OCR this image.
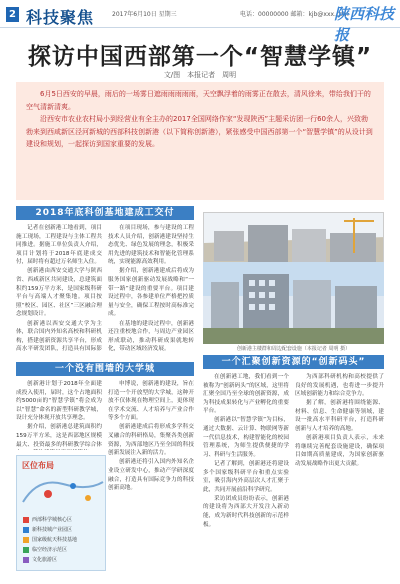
2 科技聚焦	2017年6月10日 星期三	电话：00000000 邮箱：kjb@xxx.com
陕西科技报
探访中国西部第一个“智慧学镇”
文/图　本报记者　周明

6月5日西安的早晨，雨后的一场雾日遮雨雨雨雨雨，天空飘浮着的雨雾正在散去，清风徐来，带给我们干的空气清新清爽。

沿西安市农业农村局小到经营业有全主办的2017全国网络作家“发现陕西”主题采访团一行60余人，兴致勃勃来到西咸新区泾河新城的西部科技创新港（以下简称创新港），紧张感受中国西部第一个“智慧学镇”的从设计到建设和规划，一起探访到国家重要的发展。

2018年底科创基地建成工交付

记者在创新港工地看到，项目施工现场，工程建设与主体工程共同推进。据施工单位负责人介绍，项目计划将于2018年底建成交付，届时将有超过万名师生入住。

创新港由西安交通大学与陕西省、西咸新区共同建设，总建筑面积约159万平方米，是国家级科研平台与高端人才聚集地。项目按照“校区、园区、社区”三区融合理念规划设计。

创新港以西安交通大学为主体，联合国内外知名高校和科研机构，搭建创新资源共享平台，形成高水平研发团队，打造具有国际影

在项目现场，参与建设的工程技术人员介绍，创新港建设坚持生态优先、绿色发展的理念，积极采用先进的建筑技术和智能化管理系统，实现能源高效利用。

据介绍，创新港建成后将成为服务国家创新驱动发展战略和“一带一路”建设的重要平台。项目建设过程中，各参建单位严格把控质量与安全，确保工程按时高标准完成。

在基地的建设过程中，创新港还注重校地合作，与周边产业园区形成联动，推动科研成果就地转化，带动区域经济发展。

一个没有围墙的大学城

创新港计划于2018年全面建成投入使用，届时，这个占地面积约5000亩的“智慧学镇”将会成为以“智慧”命名的新型科研教学城，设计充分体现开放共享理念。

据介绍，创新港总建筑面积约159万平方米，这是西部地区规模最大、投资最多的科研教学综合体

申博说，创新港的建设，旨在打造一个开放型的大学城，这种开放不仅体现在物理空间上，更体现在学术交流、人才培养与产业合作等多个方面。

创新港建成后将形成多学科交叉融合的科研格局，集聚各类创新资源，为西部地区乃至全国的科技创新发展注入新的活力。

创新港还将引入国内外知名企业设立研发中心，推动产学研深度融合，打造具有国际竞争力的科技创新高地。

区位布局
西部科学城核心区
新科技城产业园区
国家级航天科技基地
临空经济示范区
文化旅游区
创新港主楼群和周边配套设施（本报记者 周明 摄）
一个汇聚创新资源的“创新码头”

在创新港工地，我们看到一个被称为“创新码头”的区域，这里将汇聚全国乃至全球的创新资源，成为科技成果转化与产业孵化的重要平台。

创新港以“智慧学镇”为目标，通过大数据、云计算、物联网等新一代信息技术，构建智能化的校园管理系统，为师生提供便捷的学习、科研与生活服务。

记者了解到，创新港还将建设多个国家级科研平台和重点实验室，吸引海内外高层次人才汇聚于此，共同开展前沿科学研究。

采访团成员纷纷表示，创新港的建设将为西部大开发注入新动能，成为新时代科技创新的示范样板。

为西部科研机构和高校提供了良好的发展机遇，也将进一步提升区域创新能力和综合竞争力。

据了解，创新港将围绕能源、材料、信息、生命健康等领域，建设一批高水平科研平台，打造科研创新与人才培养的高地。

创新港项目负责人表示，未来将继续完善配套设施建设，确保项目如期高质量建成，为国家创新驱动发展战略作出更大贡献。
